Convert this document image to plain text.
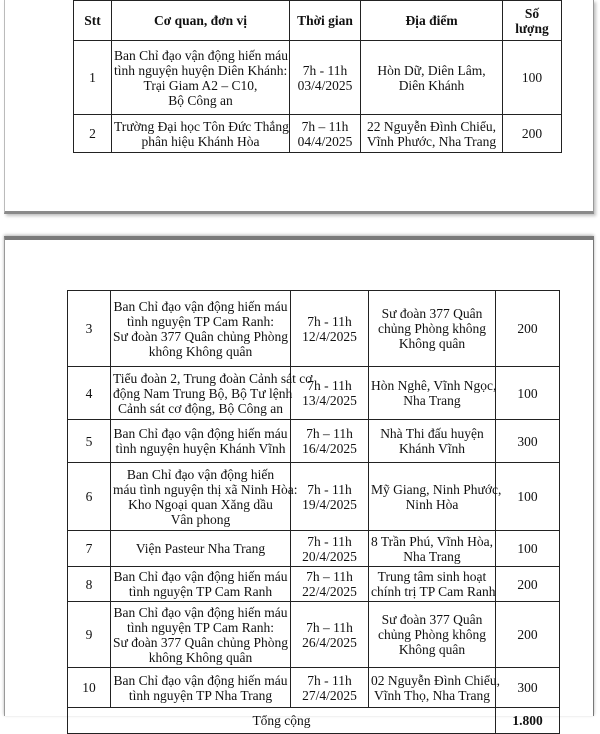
Stt	Cơ quan, đơn vị	Thời gian	Địa điểm	Số
lượng

1	Ban Chỉ đạo vận động hiến máu
tình nguyện huyện Diên Khánh:
Trại Giam A2 – C10,
Bộ Công an	7h - 11h
03/4/2025	Hòn Dữ, Diên Lâm,
Diên Khánh	100
2	Trường Đại học Tôn Đức Thắng
phân hiệu Khánh Hòa	7h – 11h
04/4/2025	22 Nguyễn Đình Chiểu,
Vĩnh Phước, Nha Trang	200
3	Ban Chỉ đạo vận động hiến máu
tình nguyện TP Cam Ranh:
Sư đoàn 377 Quân chủng Phòng
không Không quân	7h - 11h
12/4/2025	Sư đoàn 377 Quân
chủng Phòng không
Không quân	200
4	Tiểu đoàn 2, Trung đoàn Cảnh sát cơ
động Nam Trung Bộ, Bộ Tư lệnh
Cảnh sát cơ động, Bộ Công an	7h - 11h
13/4/2025	Hòn Nghê, Vĩnh Ngọc,
Nha Trang	100
5	Ban Chỉ đạo vận động hiến máu
tình nguyện huyện Khánh Vĩnh	7h – 11h
16/4/2025	Nhà Thi đấu huyện
Khánh Vĩnh	300
6	Ban Chỉ đạo vận động hiến
máu tình nguyện thị xã Ninh Hòa:
Kho Ngoại quan Xăng dầu
Vân phong	7h - 11h
19/4/2025	Mỹ Giang, Ninh Phước,
Ninh Hòa	100
7	Viện Pasteur Nha Trang	7h - 11h
20/4/2025	8 Trần Phú, Vĩnh Hòa,
Nha Trang	100
8	Ban Chỉ đạo vận động hiến máu
tình nguyện TP Cam Ranh	7h – 11h
22/4/2025	Trung tâm sinh hoạt
chính trị TP Cam Ranh	200
9	Ban Chỉ đạo vận động hiến máu
tình nguyện TP Cam Ranh:
Sư đoàn 377 Quân chủng Phòng
không Không quân	7h – 11h
26/4/2025	Sư đoàn 377 Quân
chủng Phòng không
Không quân	200
10	Ban Chỉ đạo vận động hiến máu
tình nguyện TP Nha Trang	7h - 11h
27/4/2025	02 Nguyễn Đình Chiểu,
Vĩnh Thọ, Nha Trang	300
Tổng cộng				1.800
